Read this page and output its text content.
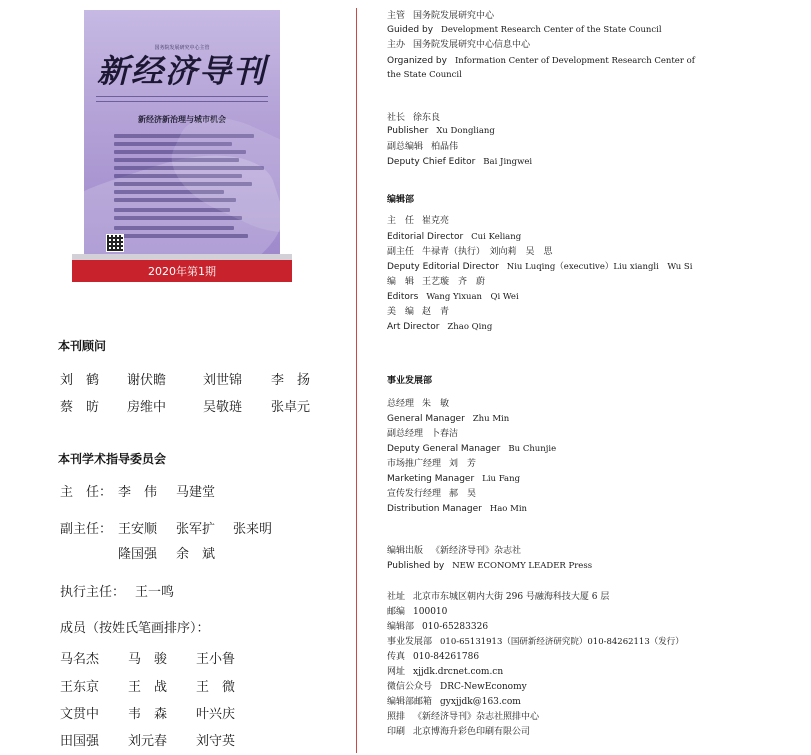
国务院发展研究中心主管
新经济导刊
新经济新治理与城市机会
2020年第1期
本刊顾问
刘　鹤 谢伏瞻	刘世锦 李　扬
蔡　昉 房维中	吴敬琏 张卓元
本刊学术指导委员会
主　任： 李　伟 马建堂
副主任： 王安顺 张军扩 张来明
隆国强 余　斌
执行主任： 王一鸣
成员（按姓氏笔画排序）：
马名杰 马　骏 王小鲁
王东京 王　战 王　微
文贯中 韦　森 叶兴庆
田国强 刘元春 刘守英
主管 国务院发展研究中心
Guided by Development Research Center of the State Council
主办 国务院发展研究中心信息中心
Organized by Information Center of Development Research Center of
the State Council
社长 徐东良
Publisher Xu Dongliang
副总编辑 柏晶伟
Deputy Chief Editor Bai Jingwei
编辑部
主　任 崔克亮
Editorial Director Cui Keliang
副主任 牛禄青（执行）　刘向莉　吴　思
Deputy Editorial Director Niu Luqing（executive）Liu xiangli　Wu Si
编　辑 王艺璇　齐　蔚
Editors Wang Yixuan　Qi Wei
美　编 赵　青
Art Director Zhao Qing
事业发展部
总经理 朱　敏
General Manager Zhu Min
副总经理 卜春洁
Deputy General Manager Bu Chunjie
市场推广经理 刘　芳
Marketing Manager Liu Fang
宣传发行经理 郝　昊
Distribution Manager Hao Min
编辑出版 《新经济导刊》杂志社
Published by NEW ECONOMY LEADER Press
社址 北京市东城区朝内大街 296 号融海科技大厦 6 层
邮编 100010
编辑部 010-65283326
事业发展部 010-65131913（国研新经济研究院）010-84262113（发行）
传真 010-84261786
网址 xjjdk.drcnet.com.cn
微信公众号 DRC-NewEconomy
编辑部邮箱 gyxjjdk@163.com
照排 《新经济导刊》杂志社照排中心
印刷 北京博海升彩色印刷有限公司
